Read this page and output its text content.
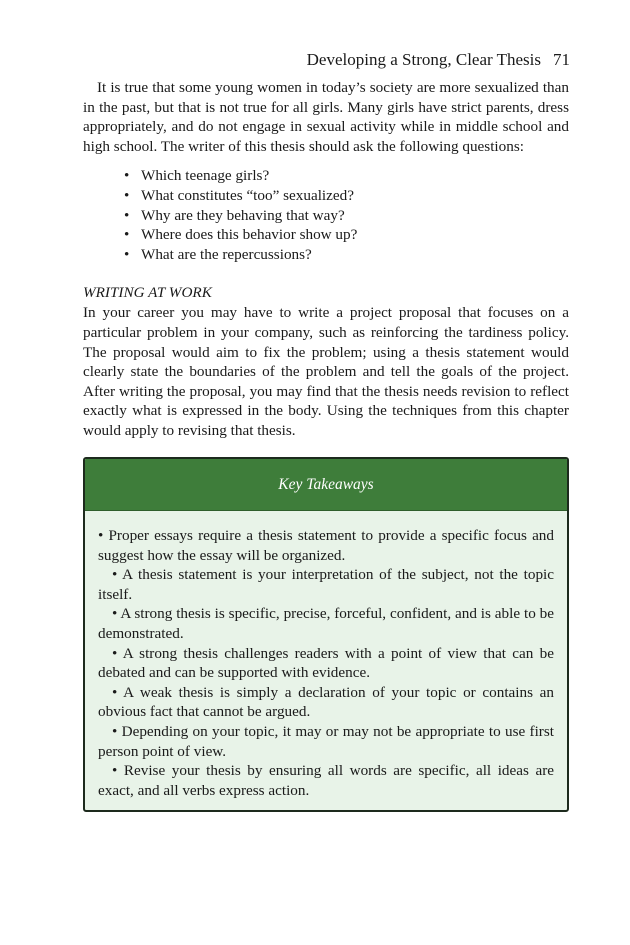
Developing a Strong, Clear Thesis 71

It is true that some young women in today’s society are more sexualized than in the past, but that is not true for all girls. Many girls have strict parents, dress appropriately, and do not engage in sexual activity while in middle school and high school. The writer of this thesis should ask the following questions:

• Which teenage girls?
• What constitutes “too” sexualized?
• Why are they behaving that way?
• Where does this behavior show up?
• What are the repercussions?

WRITING AT WORK

In your career you may have to write a project proposal that focuses on a particular problem in your company, such as reinforcing the tardiness policy. The proposal would aim to fix the problem; using a thesis statement would clearly state the boundaries of the problem and tell the goals of the project. After writing the proposal, you may find that the thesis needs revision to reflect exactly what is expressed in the body. Using the techniques from this chapter would apply to revising that thesis.

Key Takeaways

• Proper essays require a thesis statement to provide a specific focus and suggest how the essay will be organized.

• A thesis statement is your interpretation of the subject, not the topic itself.

• A strong thesis is specific, precise, forceful, confident, and is able to be demonstrated.

• A strong thesis challenges readers with a point of view that can be debated and can be supported with evidence.

• A weak thesis is simply a declaration of your topic or contains an obvious fact that cannot be argued.

• Depending on your topic, it may or may not be appropriate to use first person point of view.

• Revise your thesis by ensuring all words are specific, all ideas are exact, and all verbs express action.
